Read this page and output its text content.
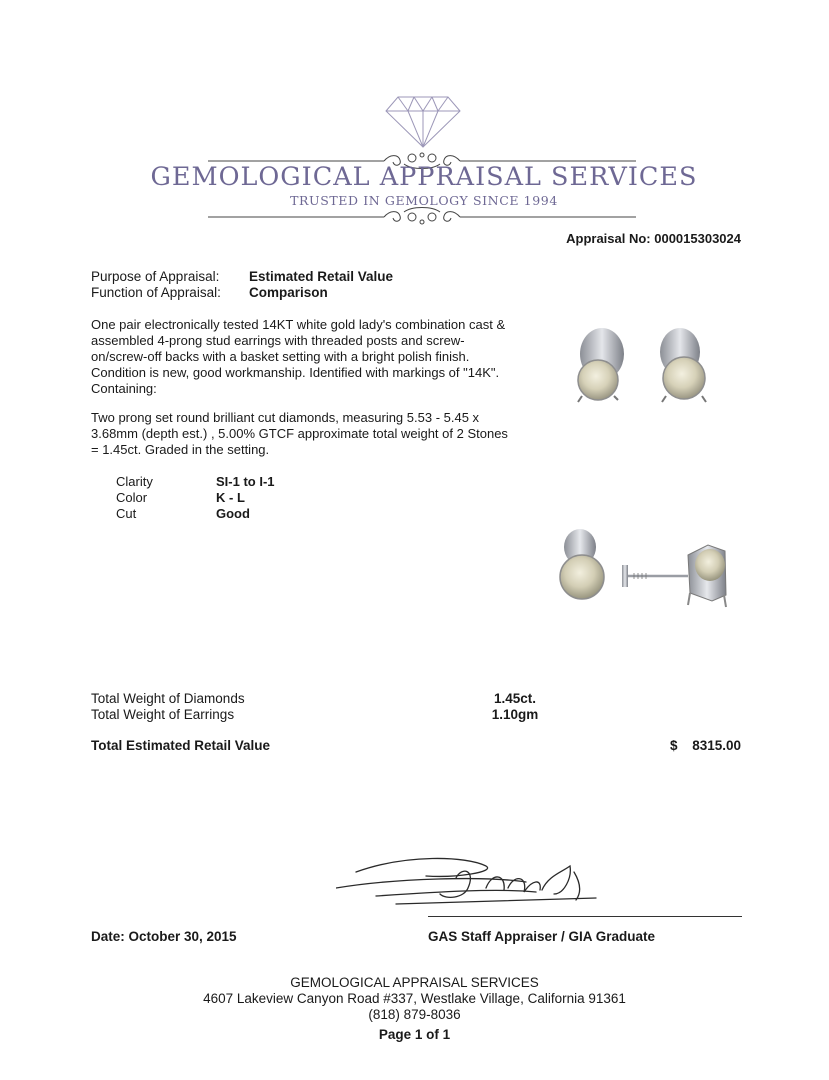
GEMOLOGICAL APPRAISAL SERVICES
TRUSTED IN GEMOLOGY SINCE 1994
Appraisal No: 000015303024
Purpose of Appraisal: Estimated Retail Value
Function of Appraisal: Comparison
One pair electronically tested 14KT white gold lady's combination cast & assembled 4-prong stud earrings with threaded posts and screw-on/screw-off backs with a basket setting with a bright polish finish. Condition is new, good workmanship. Identified with markings of "14K". Containing:
Two prong set round brilliant cut diamonds, measuring 5.53 - 5.45 x 3.68mm (depth est.) , 5.00% GTCF approximate total weight of 2 Stones = 1.45ct. Graded in the setting.
Clarity	SI-1 to I-1
Color	K - L
Cut	Good
Total Weight of Diamonds	1.45ct.
Total Weight of Earrings	1.10gm
Total Estimated Retail Value	$ 8315.00
Date: October 30, 2015	GAS Staff Appraiser / GIA Graduate
GEMOLOGICAL APPRAISAL SERVICES
4607 Lakeview Canyon Road #337, Westlake Village, California 91361
(818) 879-8036
Page 1 of 1
